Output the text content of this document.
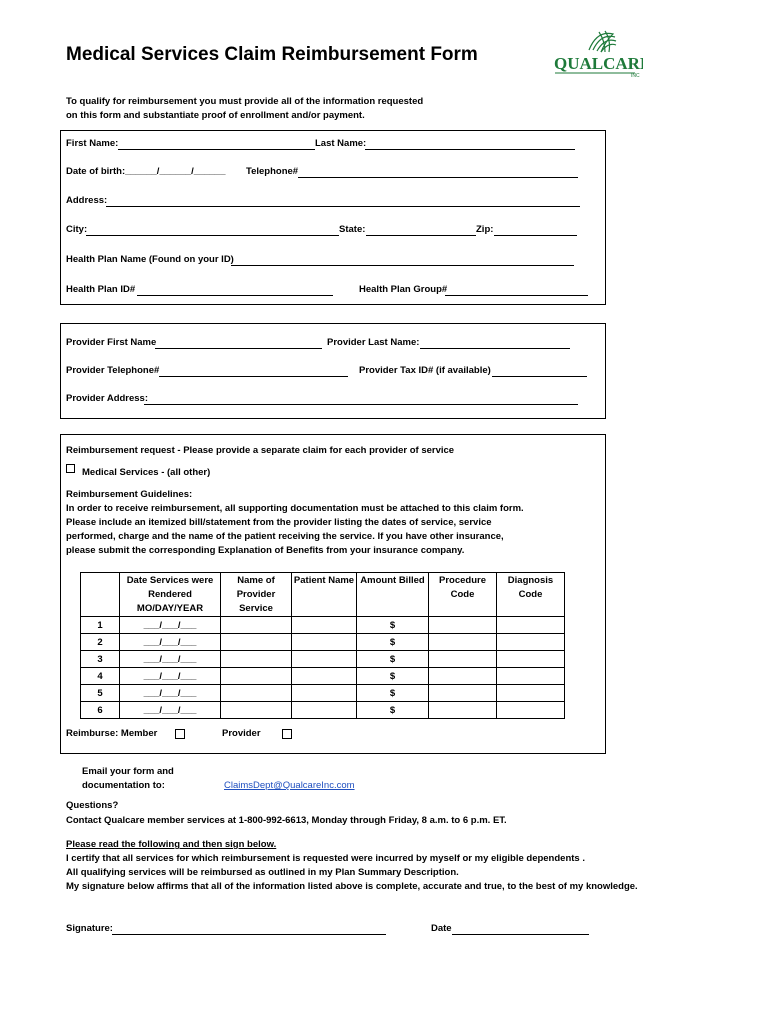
Medical Services Claim Reimbursement Form	QUALCARE
INC
To qualify for reimbursement you must provide all of the information requested
on this form and substantiate proof of enrollment and/or payment.
First Name:	Last Name:
Date of birth:______/______/______ Telephone#
Address:
City:	State:	Zip:
Health Plan Name (Found on your ID)
Health Plan ID#	Health Plan Group#
Provider First Name	Provider Last Name:
Provider Telephone#	Provider Tax ID# (if available)
Provider Address:
Reimbursement request - Please provide a separate claim for each provider of service
Medical Services - (all other)
Reimbursement Guidelines:
In order to receive reimbursement, all supporting documentation must be attached to this claim form.
Please include an itemized bill/statement from the provider listing the dates of service, service
performed, charge and the name of the patient receiving the service. If you have other insurance,
please submit the corresponding Explanation of Benefits from your insurance company.
	Date Services were Rendered MO/DAY/YEAR	Name of Provider Service	Patient Name	Amount Billed	Procedure Code	Diagnosis Code
1	___/___/___			$		
2	___/___/___			$		
3	___/___/___			$		
4	___/___/___			$		
5	___/___/___			$		
6	___/___/___			$		
Reimburse: Member	Provider
Email your form and
documentation to:	ClaimsDept@QualcareInc.com
Questions?
Contact Qualcare member services at 1-800-992-6613, Monday through Friday, 8 a.m. to 6 p.m. ET.
Please read the following and then sign below.
I certify that all services for which reimbursement is requested were incurred by myself or my eligible dependents .
All qualifying services will be reimbursed as outlined in my Plan Summary Description.
My signature below affirms that all of the information listed above is complete, accurate and true, to the best of my knowledge.
Signature:	Date
